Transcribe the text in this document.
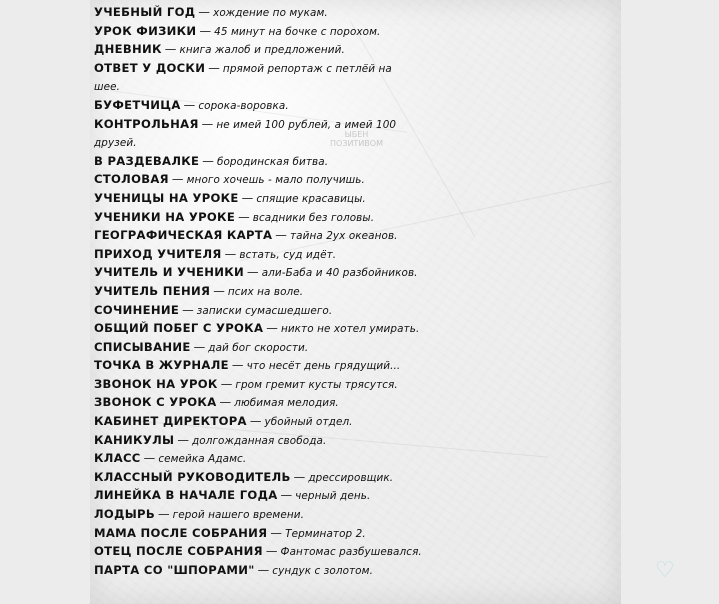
ЫБЕН
ПОЗИТИВОМ
УЧЕБНЫЙ ГОД — хождение по мукам.
УРОК ФИЗИКИ — 45 минут на бочке с порохом.
ДНЕВНИК — книга жалоб и предложений.
ОТВЕТ У ДОСКИ — прямой репортаж с петлёй на
шее.
БУФЕТЧИЦА — сорока-воровка.
КОНТРОЛЬНАЯ — не имей 100 рублей, а имей 100
друзей.
В РАЗДЕВАЛКЕ — бородинская битва.
СТОЛОВАЯ — много хочешь - мало получишь.
УЧЕНИЦЫ НА УРОКЕ — спящие красавицы.
УЧЕНИКИ НА УРОКЕ — всадники без головы.
ГЕОГРАФИЧЕСКАЯ КАРТА — тайна 2ух океанов.
ПРИХОД УЧИТЕЛЯ — встать, суд идёт.
УЧИТЕЛЬ И УЧЕНИКИ — али-Баба и 40 разбойников.
УЧИТЕЛЬ ПЕНИЯ — псих на воле.
СОЧИНЕНИЕ — записки сумасшедшего.
ОБЩИЙ ПОБЕГ С УРОКА — никто не хотел умирать.
СПИСЫВАНИЕ — дай бог скорости.
ТОЧКА В ЖУРНАЛЕ — что несёт день грядущий...
ЗВОНОК НА УРОК — гром гремит кусты трясутся.
ЗВОНОК С УРОКА — любимая мелодия.
КАБИНЕТ ДИРЕКТОРА — убойный отдел.
КАНИКУЛЫ — долгожданная свобода.
КЛАСС — семейка Адамс.
КЛАССНЫЙ РУКОВОДИТЕЛЬ — дрессировщик.
ЛИНЕЙКА В НАЧАЛЕ ГОДА — черный день.
ЛОДЫРЬ — герой нашего времени.
МАМА ПОСЛЕ СОБРАНИЯ — Терминатор 2.
ОТЕЦ ПОСЛЕ СОБРАНИЯ — Фантомас разбушевался.
ПАРТА СО "ШПОРАМИ" — сундук с золотом.	♡
